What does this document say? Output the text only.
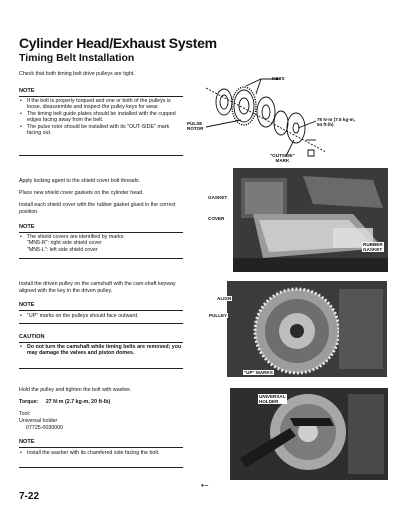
Cylinder Head/Exhaust System
Timing Belt Installation
Check that both timing belt drive pulleys are tight.
NOTE
• If the bolt is properly torqued and one or both of the pulleys is loose, disassemble and inspect the pulley keys for wear.
• The timing belt guide plates should be installed with the cupped edges facing away from the belt.
• The pulse rotor should be installed with its "OUT-SIDE" mark facing out.
KEYS
PULSE
ROTOR
75 N·m (7.5 kg-m,
54 ft-lb)
"OUTSIDE"
MARK
Apply locking agent to the shield cover bolt threads.
Place new shield cover gaskets on the cylinder head.
Install each shield cover with the rubber gasket glued in the correct position.
NOTE
• The shield covers are identified by marks:
"MN5-R": right side shield cover
"MN5-L": left side shield cover
GASKET
COVER
RUBBER
GASKET
Install the driven pulley on the camshaft with the cam-shaft keyway aligned with the key in the driven pulley.
NOTE
• "UP" marks on the pulleys should face outward.
CAUTION
• Do not turn the camshaft while timing belts are removed; you may damage the valves and piston domes.
ALIGN
PULLEY
"UP" MARKS
Hold the pulley and tighten the bolt with washer.
Torque: 27 N·m (2.7 kg-m, 20 ft-lb)
Tool:
Universal holder
07725-0030000
NOTE
• Install the washer with its chamfered side facing the bolt.
UNIVERSAL
HOLDER
•−
7-22
